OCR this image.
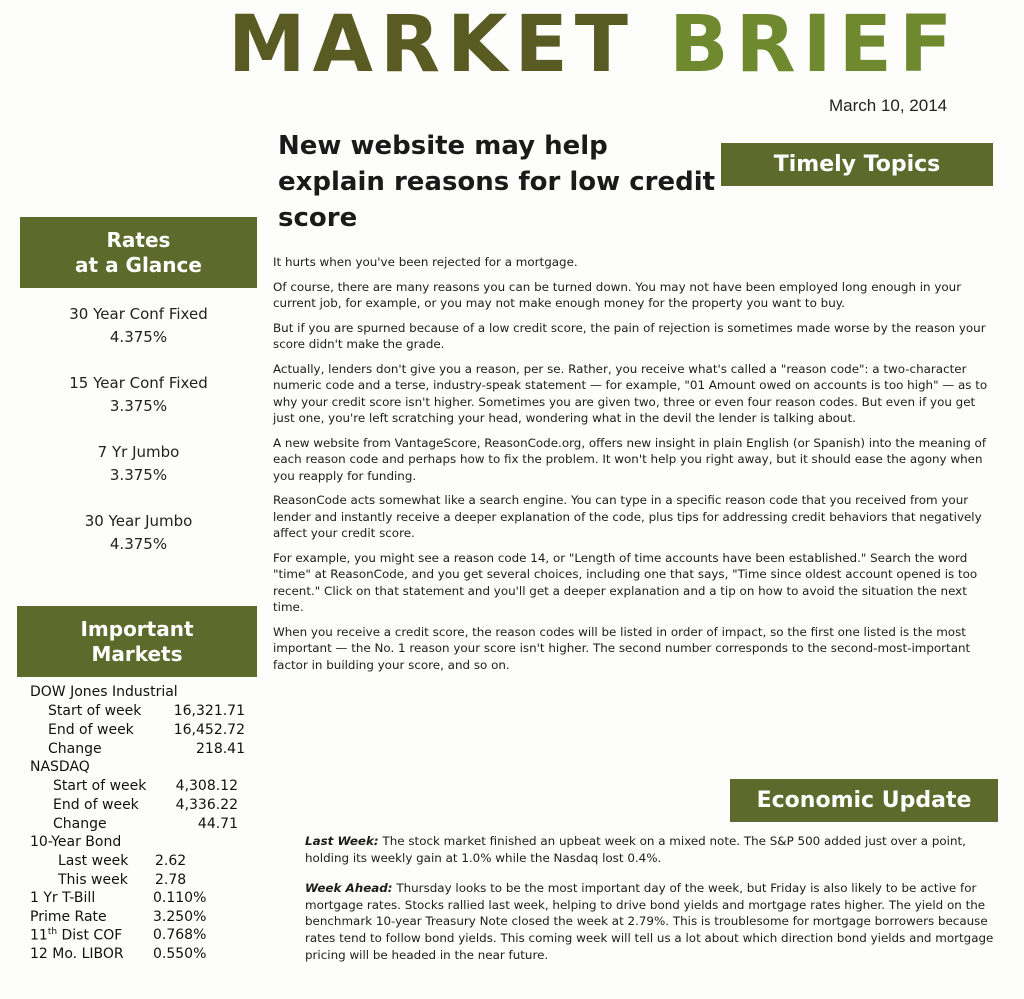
MARKET BRIEF
March 10, 2014
Rates
at a Glance
30 Year Conf Fixed
4.375%
15 Year Conf Fixed
3.375%
7 Yr Jumbo
3.375%
30 Year Jumbo
4.375%
Important
Markets
DOW Jones Industrial
Start of week	16,321.71
End of week	16,452.72
Change	218.41
NASDAQ
Start of week	4,308.12
End of week	4,336.22
Change	44.71
10-Year Bond
Last week 2.62
This week 2.78
1 Yr T-Bill	0.110%
Prime Rate	3.250%
11th Dist COF 0.768%
12 Mo. LIBOR 0.550%
Timely Topics
New website may help explain reasons for low credit score

It hurts when you've been rejected for a mortgage.

Of course, there are many reasons you can be turned down. You may not have been employed long enough in your current job, for example, or you may not make enough money for the property you want to buy.

But if you are spurned because of a low credit score, the pain of rejection is sometimes made worse by the reason your score didn't make the grade.

Actually, lenders don't give you a reason, per se. Rather, you receive what's called a "reason code": a two-character numeric code and a terse, industry-speak statement — for example, "01 Amount owed on accounts is too high" — as to why your credit score isn't higher. Sometimes you are given two, three or even four reason codes. But even if you get just one, you're left scratching your head, wondering what in the devil the lender is talking about.

A new website from VantageScore, ReasonCode.org, offers new insight in plain English (or Spanish) into the meaning of each reason code and perhaps how to fix the problem. It won't help you right away, but it should ease the agony when you reapply for funding.

ReasonCode acts somewhat like a search engine. You can type in a specific reason code that you received from your lender and instantly receive a deeper explanation of the code, plus tips for addressing credit behaviors that negatively affect your credit score.

For example, you might see a reason code 14, or "Length of time accounts have been established." Search the word "time" at ReasonCode, and you get several choices, including one that says, "Time since oldest account opened is too recent." Click on that statement and you'll get a deeper explanation and a tip on how to avoid the situation the next time.

When you receive a credit score, the reason codes will be listed in order of impact, so the first one listed is the most important — the No. 1 reason your score isn't higher. The second number corresponds to the second-most-important factor in building your score, and so on.

Economic Update

Last Week: The stock market finished an upbeat week on a mixed note. The S&P 500 added just over a point, holding its weekly gain at 1.0% while the Nasdaq lost 0.4%.

Week Ahead: Thursday looks to be the most important day of the week, but Friday is also likely to be active for mortgage rates. Stocks rallied last week, helping to drive bond yields and mortgage rates higher. The yield on the benchmark 10-year Treasury Note closed the week at 2.79%. This is troublesome for mortgage borrowers because rates tend to follow bond yields. This coming week will tell us a lot about which direction bond yields and mortgage pricing will be headed in the near future.
